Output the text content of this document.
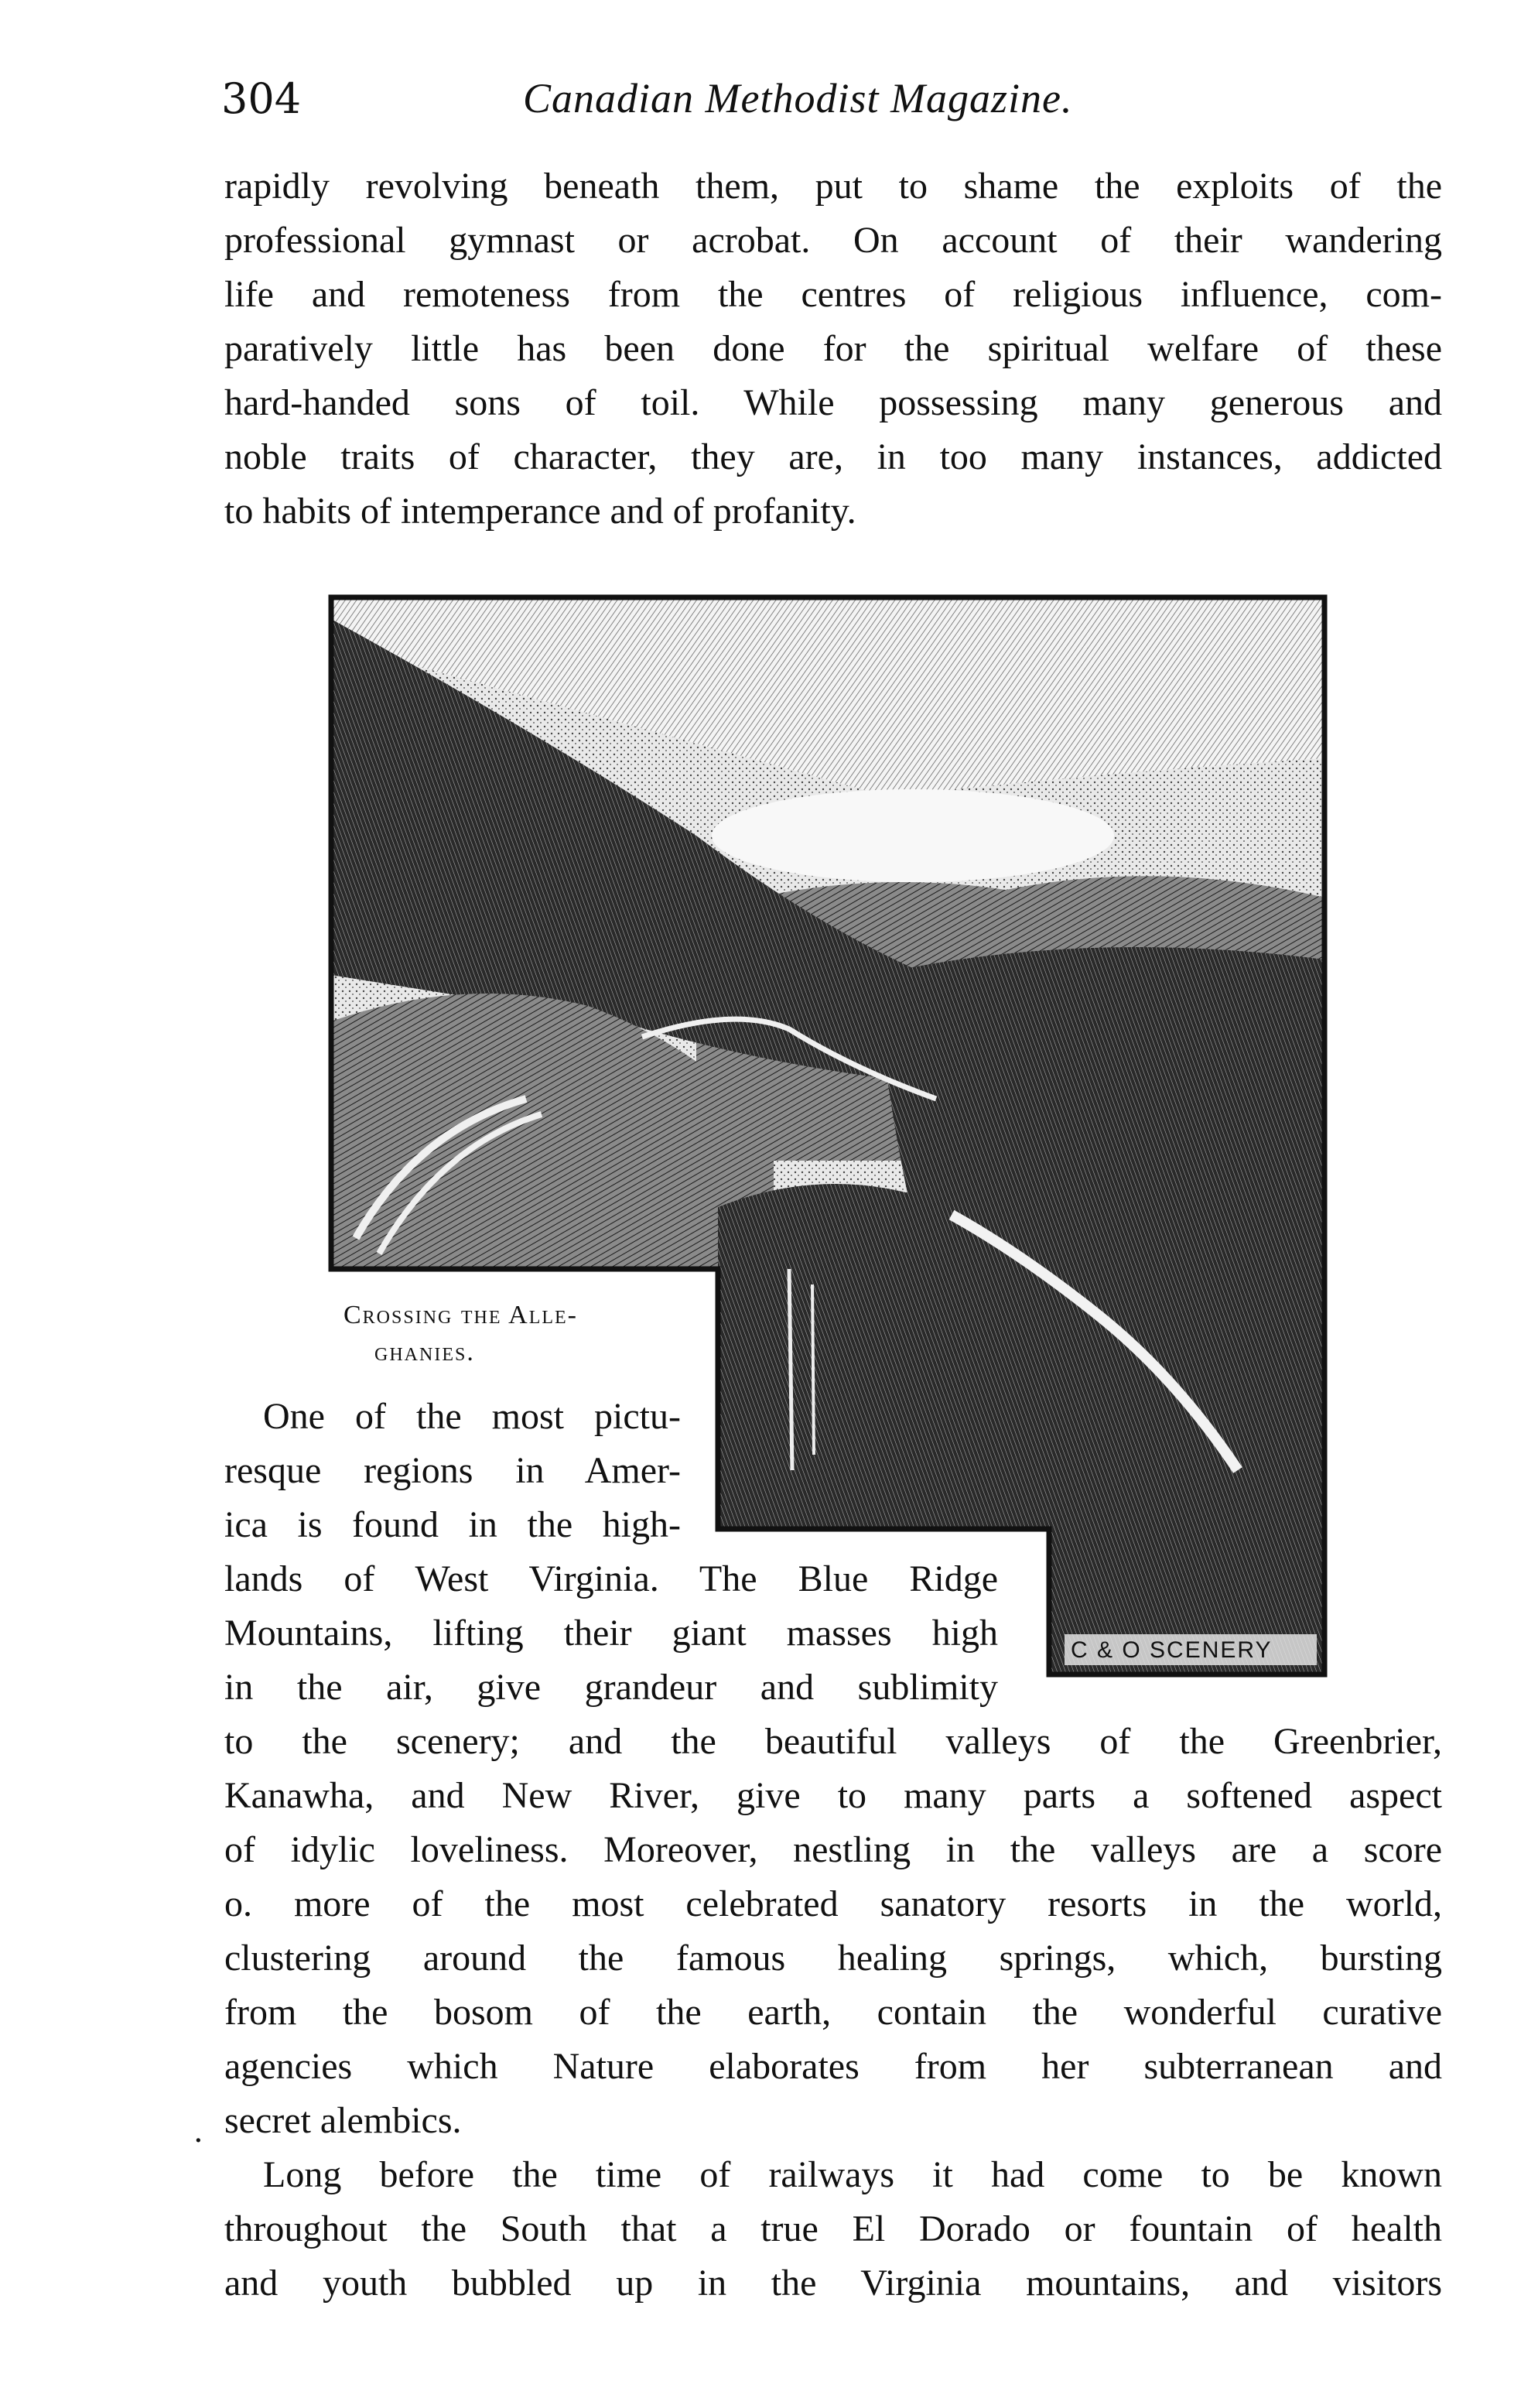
304	Canadian Methodist Magazine.
rapidly revolving beneath them, put to shame the exploits of the
professional gymnast or acrobat. On account of their wandering
life and remoteness from the centres of religious influence, com-
paratively little has been done for the spiritual welfare of these
hard-handed sons of toil. While possessing many generous and
noble traits of character, they are, in too many instances, addicted
to habits of intemperance and of profanity.
C & O SCENERY
Crossing the Alle-
ghanies.
One of the most pictu-
resque regions in Amer-
ica is found in the high-
lands of West Virginia. The Blue Ridge
Mountains, lifting their giant masses high
in the air, give grandeur and sublimity
to the scenery; and the beautiful valleys of the Greenbrier,
Kanawha, and New River, give to many parts a softened aspect
of idylic loveliness. Moreover, nestling in the valleys are a score
o. more of the most celebrated sanatory resorts in the world,
clustering around the famous healing springs, which, bursting
from the bosom of the earth, contain the wonderful curative
agencies which Nature elaborates from her subterranean and
secret alembics.
·
Long before the time of railways it had come to be known
throughout the South that a true El Dorado or fountain of health
and youth bubbled up in the Virginia mountains, and visitors
